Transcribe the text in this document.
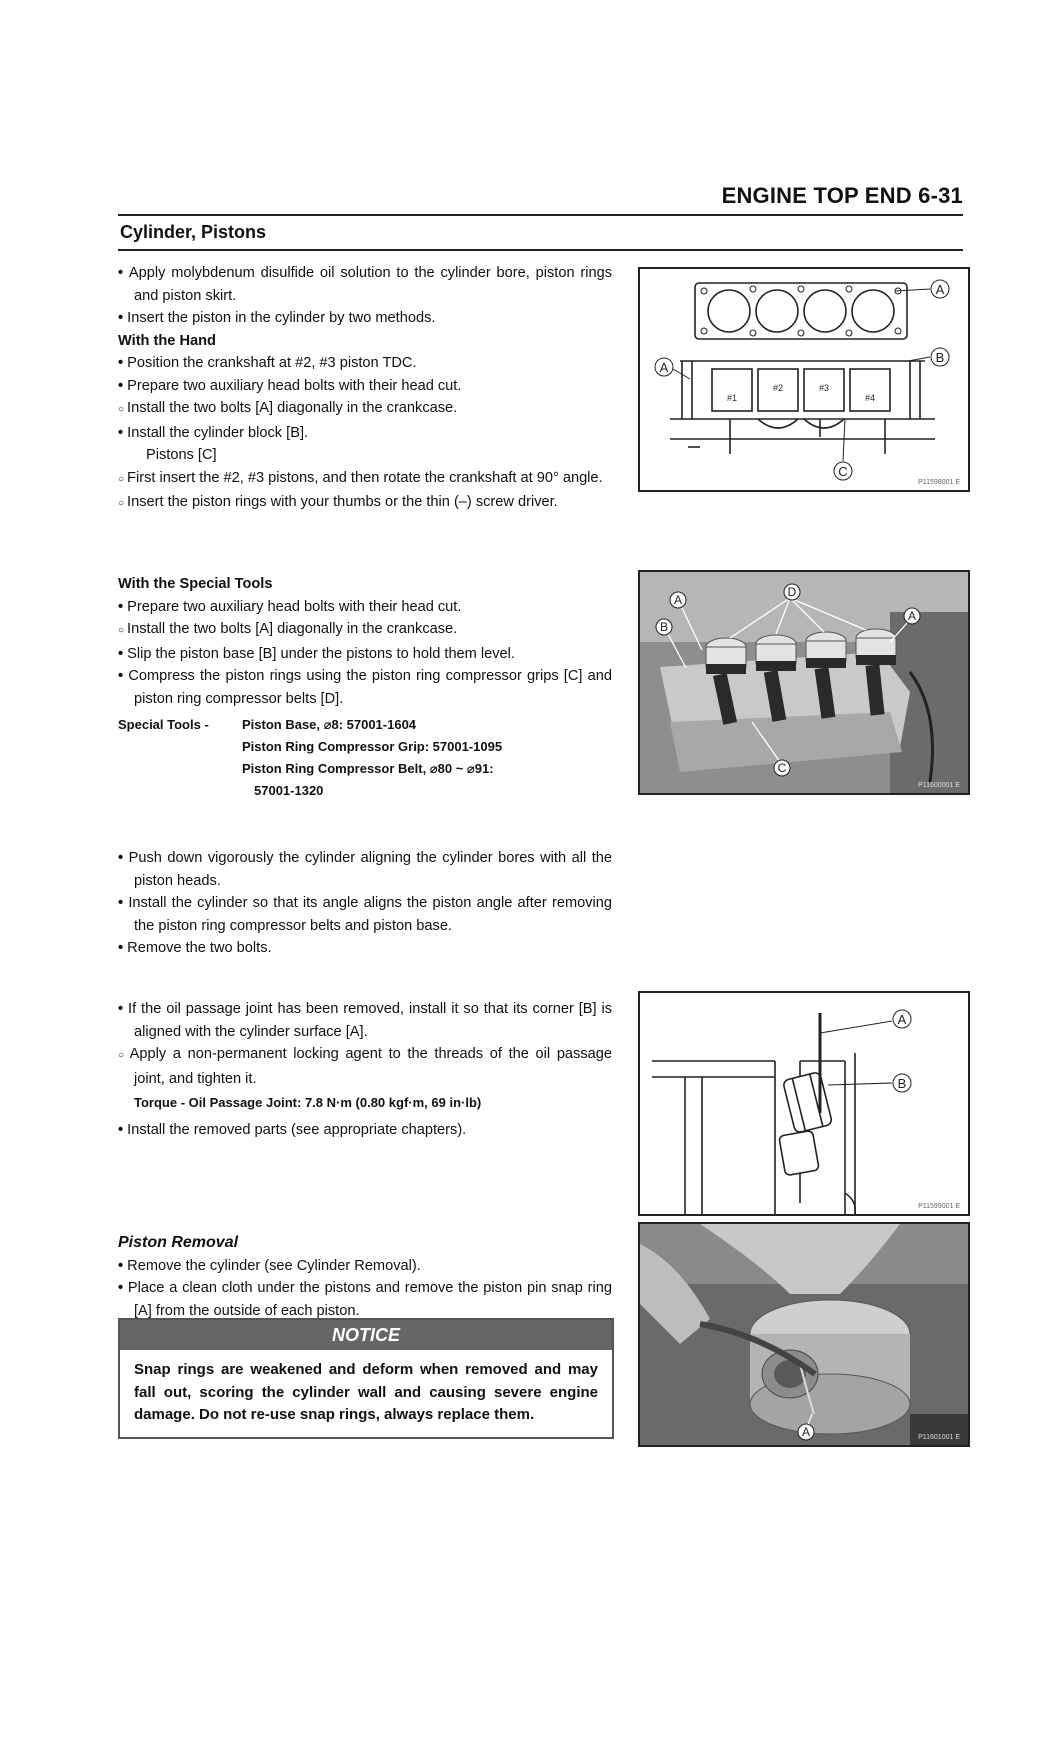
ENGINE TOP END 6-31
Cylinder, Pistons

• Apply molybdenum disulfide oil solution to the cylinder bore, piston rings and piston skirt.

• Insert the piston in the cylinder by two methods.

With the Hand

• Position the crankshaft at #2, #3 piston TDC.

• Prepare two auxiliary head bolts with their head cut.

○ Install the two bolts [A] diagonally in the crankcase.

• Install the cylinder block [B].

Pistons [C]

○ First insert the #2, #3 pistons, and then rotate the crankshaft at 90° angle.

○ Insert the piston rings with your thumbs or the thin (–) screw driver.

With the Special Tools

• Prepare two auxiliary head bolts with their head cut.

○ Install the two bolts [A] diagonally in the crankcase.

• Slip the piston base [B] under the pistons to hold them level.

• Compress the piston rings using the piston ring compressor grips [C] and piston ring compressor belts [D].

Special Tools -	Piston Base, ⌀8: 57001-1604
Piston Ring Compressor Grip: 57001-1095
Piston Ring Compressor Belt, ⌀80 ~ ⌀91:
57001-1320

• Push down vigorously the cylinder aligning the cylinder bores with all the piston heads.

• Install the cylinder so that its angle aligns the piston angle after removing the piston ring compressor belts and piston base.

• Remove the two bolts.

• If the oil passage joint has been removed, install it so that its corner [B] is aligned with the cylinder surface [A].

○ Apply a non-permanent locking agent to the threads of the oil passage joint, and tighten it.

Torque - Oil Passage Joint: 7.8 N·m (0.80 kgf·m, 69 in·lb)

• Install the removed parts (see appropriate chapters).

Piston Removal

• Remove the cylinder (see Cylinder Removal).

• Place a clean cloth under the pistons and remove the piston pin snap ring [A] from the outside of each piston.

NOTICE
Snap rings are weakened and deform when removed and may fall out, scoring the cylinder wall and causing severe engine damage. Do not re-use snap rings, always replace them.
#1
#2	#3
#4
A
A
B
C
P11598001 E
A
B
D
A
C
P11600001 E
A
B
P11599001 E
A	P11601001 E
